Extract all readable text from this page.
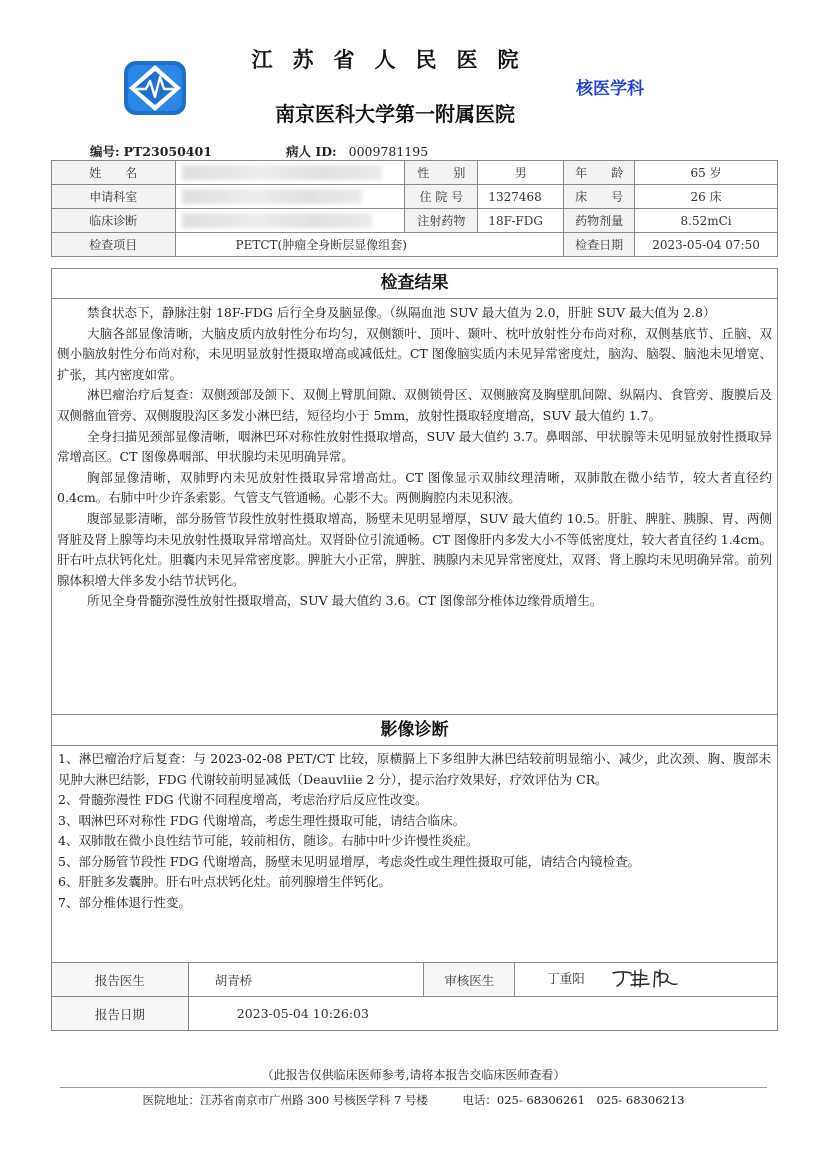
江苏省人民医院
南京医科大学第一附属医院
核医学科
编号: PT23050401	病人 ID: 0009781195
姓　　名		性　　别	男	年　　龄	65 岁
申请科室		住 院 号	1327468	床　　号	26 床
临床诊断		注射药物	18F-FDG	药物剂量	8.52mCi
检查项目	PETCT(肿瘤全身断层显像组套)			检查日期	2023-05-04 07:50
检查结果

禁食状态下，静脉注射 18F-FDG 后行全身及脑显像。（纵隔血池 SUV 最大值为 2.0，肝脏 SUV 最大值为 2.8）

大脑各部显像清晰，大脑皮质内放射性分布均匀，双侧额叶、顶叶、颞叶、枕叶放射性分布尚对称，双侧基底节、丘脑、双侧小脑放射性分布尚对称，未见明显放射性摄取增高或减低灶。CT 图像脑实质内未见异常密度灶，脑沟、脑裂、脑池未见增宽、扩张，其内密度如常。

淋巴瘤治疗后复查：双侧颈部及颌下、双侧上臂肌间隙、双侧锁骨区、双侧腋窝及胸壁肌间隙、纵隔内、食管旁、腹膜后及双侧髂血管旁、双侧腹股沟区多发小淋巴结，短径均小于 5mm，放射性摄取轻度增高，SUV 最大值约 1.7。

全身扫描见颈部显像清晰，咽淋巴环对称性放射性摄取增高，SUV 最大值约 3.7。鼻咽部、甲状腺等未见明显放射性摄取异常增高区。CT 图像鼻咽部、甲状腺均未见明确异常。

胸部显像清晰，双肺野内未见放射性摄取异常增高灶。CT 图像显示双肺纹理清晰，双肺散在微小结节，较大者直径约 0.4cm。右肺中叶少许条索影。气管支气管通畅。心影不大。两侧胸腔内未见积液。

腹部显影清晰，部分肠管节段性放射性摄取增高，肠壁未见明显增厚，SUV 最大值约 10.5。肝脏、脾脏、胰腺、胃、两侧肾脏及肾上腺等均未见放射性摄取异常增高灶。双肾卧位引流通畅。CT 图像肝内多发大小不等低密度灶，较大者直径约 1.4cm。肝右叶点状钙化灶。胆囊内未见异常密度影。脾脏大小正常，脾脏、胰腺内未见异常密度灶，双肾、肾上腺均未见明确异常。前列腺体积增大伴多发小结节状钙化。

所见全身骨髓弥漫性放射性摄取增高，SUV 最大值约 3.6。CT 图像部分椎体边缘骨质增生。

影像诊断

1、淋巴瘤治疗后复查：与 2023-02-08 PET/CT 比较，原横膈上下多组肿大淋巴结较前明显缩小、减少，此次颈、胸、腹部未见肿大淋巴结影，FDG 代谢较前明显减低（Deauvliie 2 分），提示治疗效果好，疗效评估为 CR。

2、骨髓弥漫性 FDG 代谢不同程度增高，考虑治疗后反应性改变。

3、咽淋巴环对称性 FDG 代谢增高，考虑生理性摄取可能，请结合临床。

4、双肺散在微小良性结节可能，较前相仿，随诊。右肺中叶少许慢性炎症。

5、部分肠管节段性 FDG 代谢增高，肠壁未见明显增厚，考虑炎性或生理性摄取可能，请结合内镜检查。

6、肝脏多发囊肿。肝右叶点状钙化灶。前列腺增生伴钙化。

7、部分椎体退行性变。

报告医生	胡青桥	审核医生	丁重阳
报告日期	2023-05-04 10:26:03		
（此报告仅供临床医师参考,请将本报告交临床医师查看）
医院地址：江苏省南京市广州路 300 号核医学科 7 号楼　　　电话：025- 68306261　025- 68306213
